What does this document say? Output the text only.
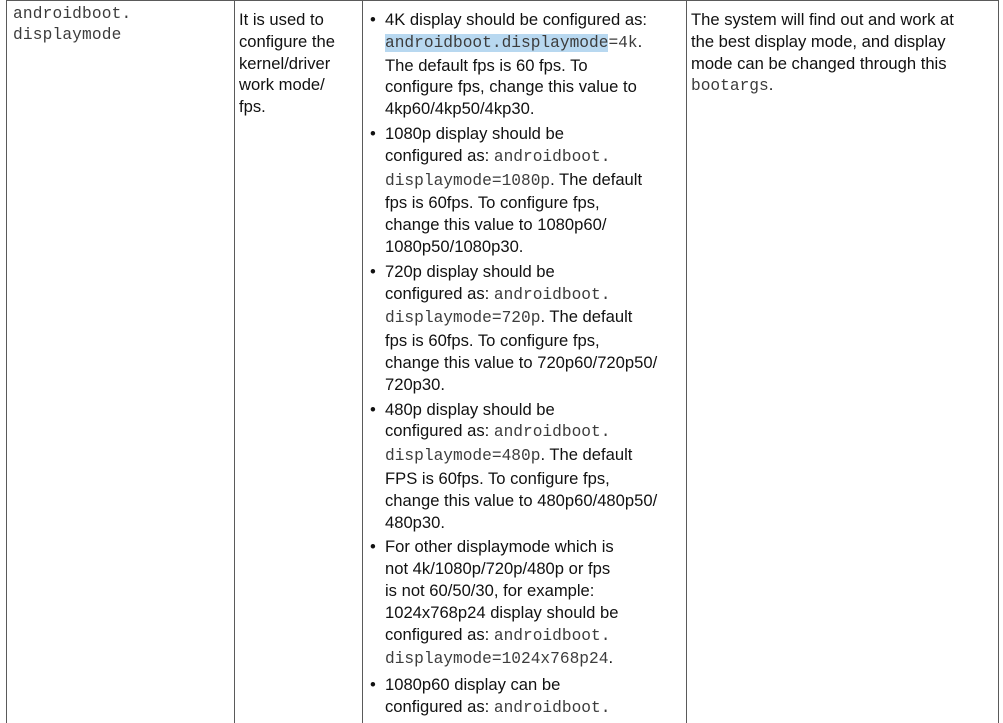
androidboot.
displaymode

It is used to
configure the
kernel/driver
work mode/
fps.

• 4K display should be configured as:
androidboot.displaymode=4k.
The default fps is 60 fps. To
configure fps, change this value to
4kp60/4kp50/4kp30.
• 1080p display should be
configured as: androidboot.
displaymode=1080p. The default
fps is 60fps. To configure fps,
change this value to 1080p60/
1080p50/1080p30.
• 720p display should be
configured as: androidboot.
displaymode=720p. The default
fps is 60fps. To configure fps,
change this value to 720p60/720p50/
720p30.
• 480p display should be
configured as: androidboot.
displaymode=480p. The default
FPS is 60fps. To configure fps,
change this value to 480p60/480p50/
480p30.
• For other displaymode which is
not 4k/1080p/720p/480p or fps
is not 60/50/30, for example:
1024x768p24 display should be
configured as: androidboot.
displaymode=1024x768p24.
• 1080p60 display can be
configured as: androidboot.

The system will find out and work at
the best display mode, and display
mode can be changed through this
bootargs.
